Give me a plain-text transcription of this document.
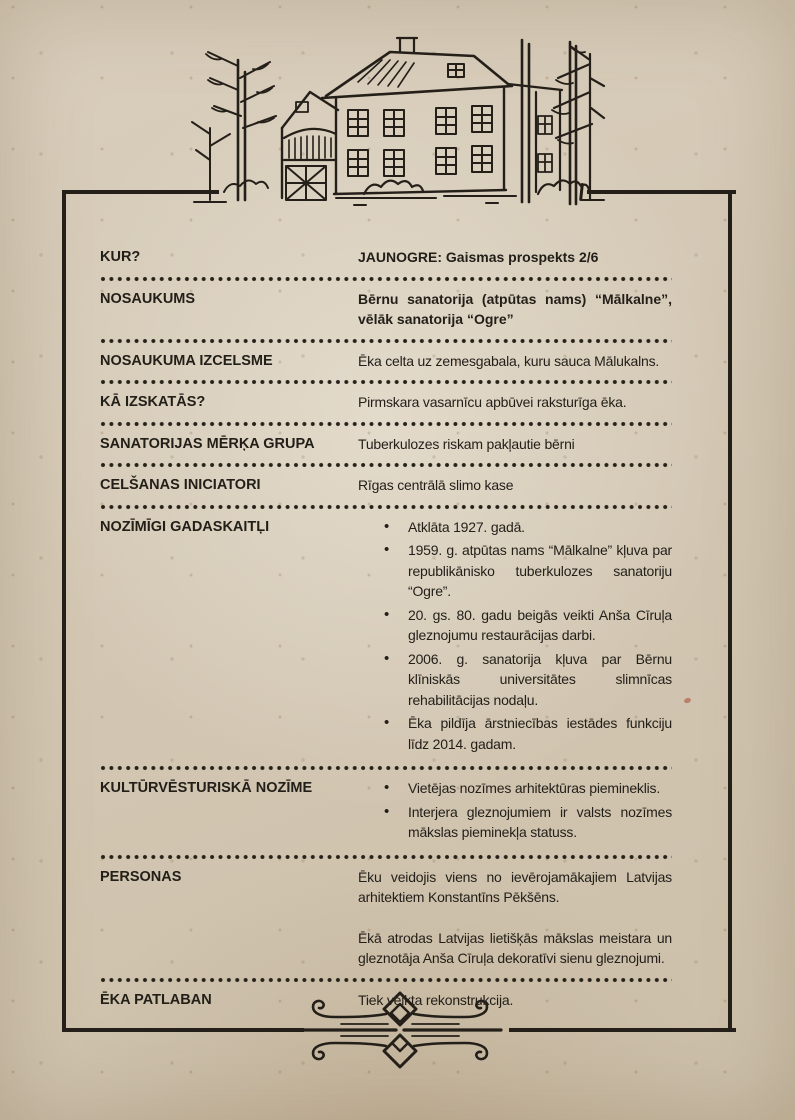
KUR?	JAUNOGRE: Gaismas prospekts 2/6
NOSAUKUMS	Bērnu sanatorija (atpūtas nams) “Mālkalne”, vēlāk sanatorija “Ogre”
NOSAUKUMA IZCELSME	Ēka celta uz zemesgabala, kuru sauca Mālukalns.
KĀ IZSKATĀS?	Pirmskara vasarnīcu apbūvei raksturīga ēka.
SANATORIJAS MĒRĶA GRUPA	Tuberkulozes riskam pakļautie bērni
CELŠANAS INICIATORI	Rīgas centrālā slimo kase
NOZĪMĪGI GADASKAITĻI	• Atklāta 1927. gadā.
• 1959. g. atpūtas nams “Mālkalne” kļuva par republikānisko tuberkulozes sanatoriju “Ogre”.
• 20. gs. 80. gadu beigās veikti Anša Cīruļa gleznojumu restaurācijas darbi.
• 2006. g. sanatorija kļuva par Bērnu klīniskās universitātes slimnīcas rehabilitācijas nodaļu.
• Ēka pildīja ārstniecības iestādes funkciju līdz 2014. gadam.
KULTŪRVĒSTURISKĀ NOZĪME	• Vietējas nozīmes arhitektūras piemineklis.
• Interjera gleznojumiem ir valsts nozīmes mākslas pieminekļa statuss.
PERSONAS	Ēku veidojis viens no ievērojamākajiem Latvijas arhitektiem Konstantīns Pēkšēns.

Ēkā atrodas Latvijas lietišķās mākslas meistara un gleznotāja Anša Cīruļa dekoratīvi sienu gleznojumi.

ĒKA PATLABAN	Tiek veikta rekonstrukcija.
